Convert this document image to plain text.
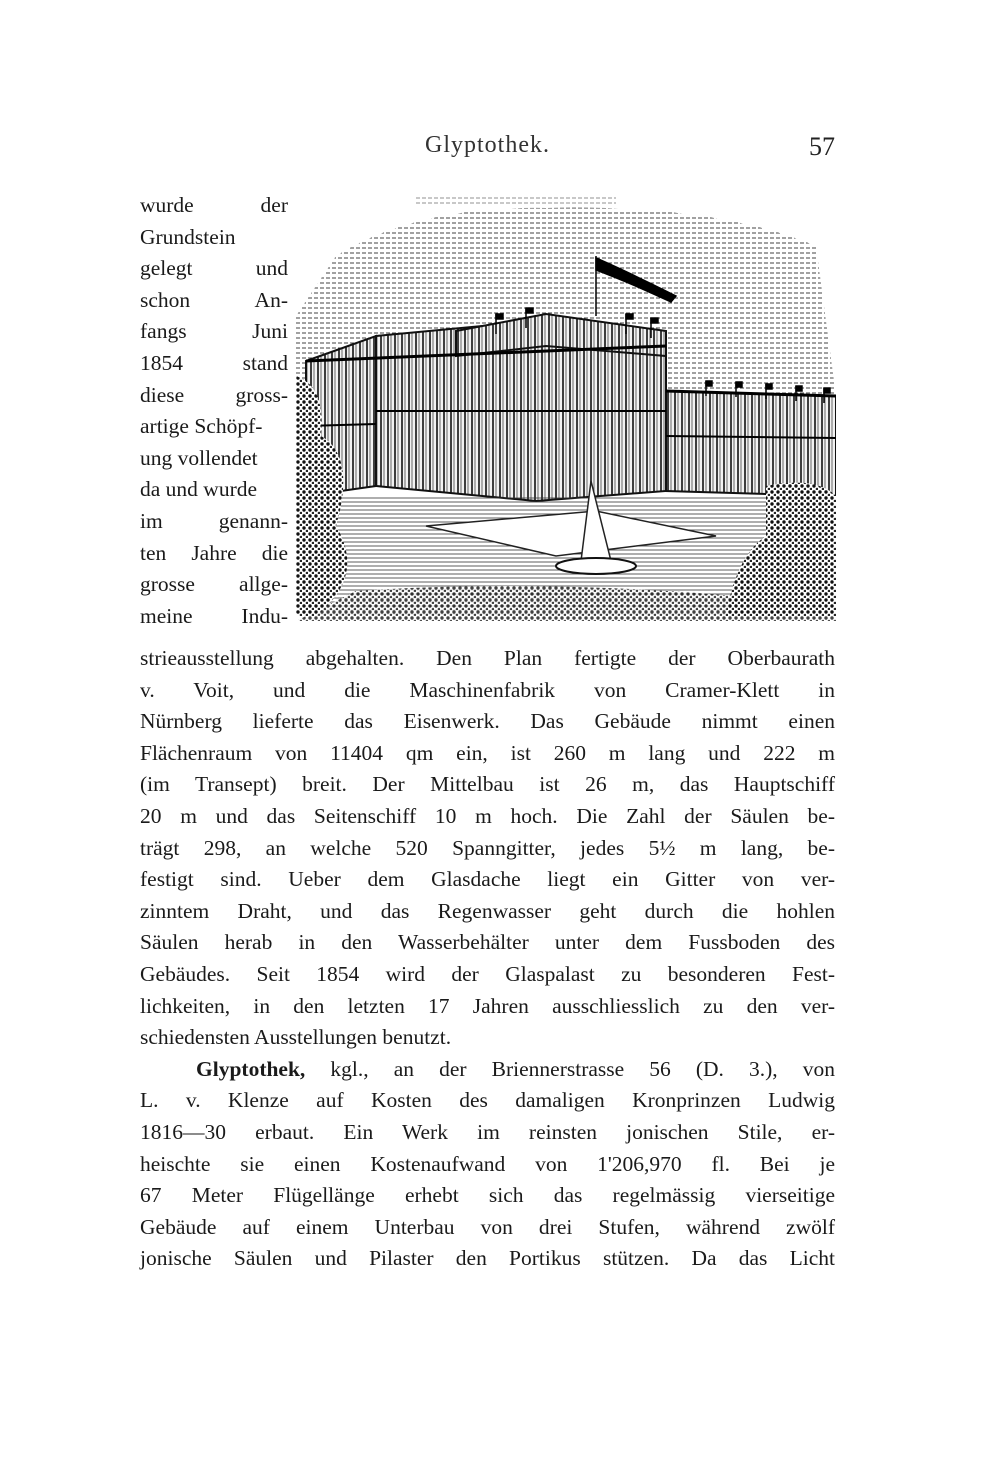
Glyptothek.	57
wurde der
Grundstein
gelegt und
schon An-
fangs Juni
1854 stand
diese gross-
artige Schöpf-
ung vollendet
da und wurde
im genann-
ten Jahre die
grosse allge-
meine Indu-
strieausstellung abgehalten. Den Plan fertigte der Oberbaurath
v. Voit, und die Maschinenfabrik von Cramer-Klett in
Nürnberg lieferte das Eisenwerk. Das Gebäude nimmt einen
Flächenraum von 11404 qm ein, ist 260 m lang und 222 m
(im Transept) breit. Der Mittelbau ist 26 m, das Hauptschiff
20 m und das Seitenschiff 10 m hoch. Die Zahl der Säulen be-
trägt 298, an welche 520 Spanngitter, jedes 5½ m lang, be-
festigt sind. Ueber dem Glasdache liegt ein Gitter von ver-
zinntem Draht, und das Regenwasser geht durch die hohlen
Säulen herab in den Wasserbehälter unter dem Fussboden des
Gebäudes. Seit 1854 wird der Glaspalast zu besonderen Fest-
lichkeiten, in den letzten 17 Jahren ausschliesslich zu den ver-
schiedensten Ausstellungen benutzt.
Glyptothek, kgl., an der Briennerstrasse 56 (D. 3.), von
L. v. Klenze auf Kosten des damaligen Kronprinzen Ludwig
1816—30 erbaut. Ein Werk im reinsten jonischen Stile, er-
heischte sie einen Kostenaufwand von 1'206,970 fl. Bei je
67 Meter Flügellänge erhebt sich das regelmässig vierseitige
Gebäude auf einem Unterbau von drei Stufen, während zwölf
jonische Säulen und Pilaster den Portikus stützen. Da das Licht
